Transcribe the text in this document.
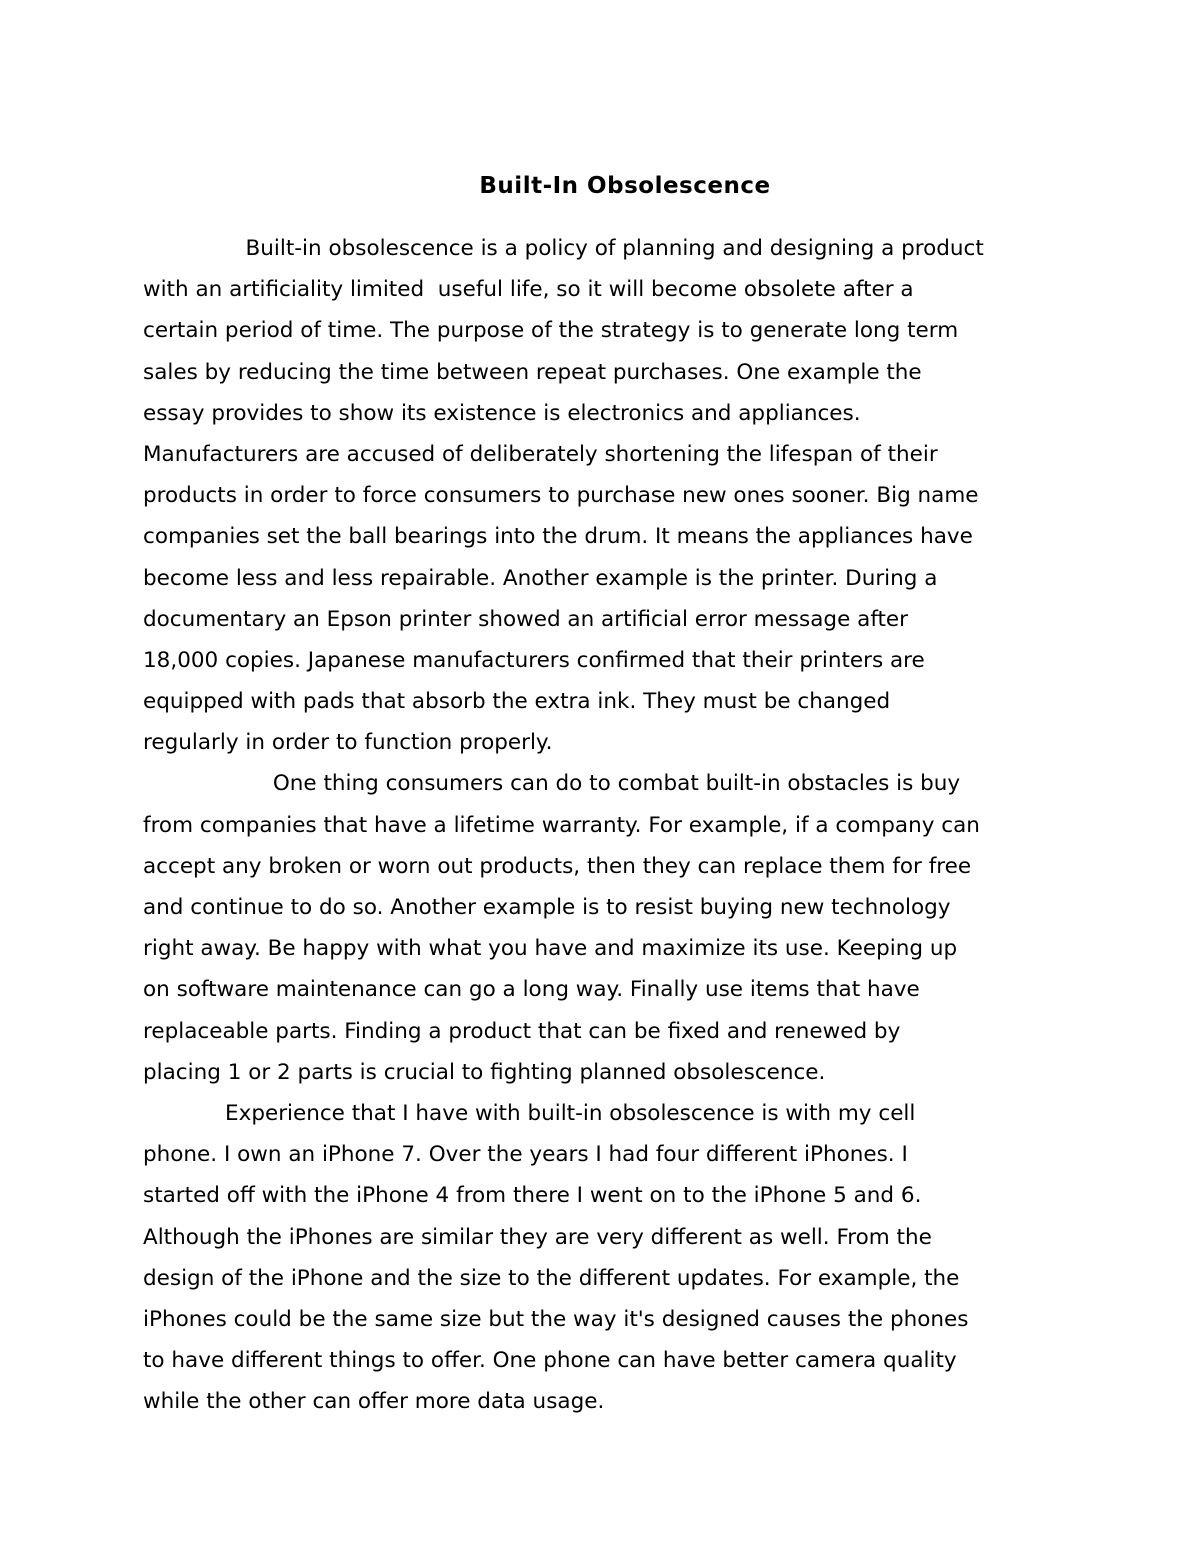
Built-In Obsolescence
Built-in obsolescence is a policy of planning and designing a product
with an artificiality limited  useful life, so it will become obsolete after a
certain period of time. The purpose of the strategy is to generate long term
sales by reducing the time between repeat purchases. One example the
essay provides to show its existence is electronics and appliances.
Manufacturers are accused of deliberately shortening the lifespan of their
products in order to force consumers to purchase new ones sooner. Big name
companies set the ball bearings into the drum. It means the appliances have
become less and less repairable. Another example is the printer. During a
documentary an Epson printer showed an artificial error message after
18,000 copies. Japanese manufacturers confirmed that their printers are
equipped with pads that absorb the extra ink. They must be changed
regularly in order to function properly.
One thing consumers can do to combat built-in obstacles is buy
from companies that have a lifetime warranty. For example, if a company can
accept any broken or worn out products, then they can replace them for free
and continue to do so. Another example is to resist buying new technology
right away. Be happy with what you have and maximize its use. Keeping up
on software maintenance can go a long way. Finally use items that have
replaceable parts. Finding a product that can be fixed and renewed by
placing 1 or 2 parts is crucial to fighting planned obsolescence.
Experience that I have with built-in obsolescence is with my cell
phone. I own an iPhone 7. Over the years I had four different iPhones. I
started off with the iPhone 4 from there I went on to the iPhone 5 and 6.
Although the iPhones are similar they are very different as well. From the
design of the iPhone and the size to the different updates. For example, the
iPhones could be the same size but the way it's designed causes the phones
to have different things to offer. One phone can have better camera quality
while the other can offer more data usage.
